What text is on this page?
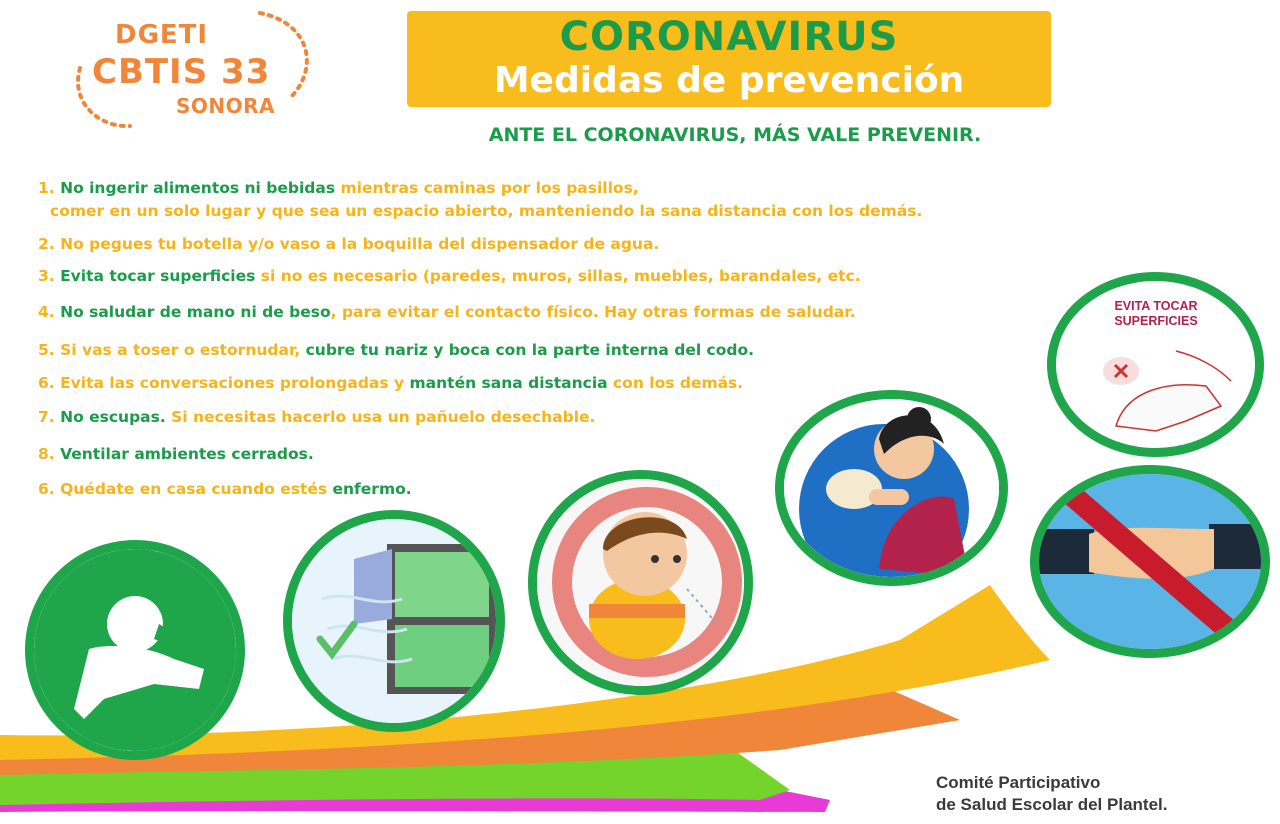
DGETI
CBTIS 33
SONORA
CORONAVIRUS
Medidas de prevención
ANTE EL CORONAVIRUS, MÁS VALE PREVENIR.
1. No ingerir alimentos ni bebidas mientras caminas por los pasillos,
comer en un solo lugar y que sea un espacio abierto, manteniendo la sana distancia con los demás.
2. No pegues tu botella y/o vaso a la boquilla del dispensador de agua.
3. Evita tocar superficies si no es necesario (paredes, muros, sillas, muebles, barandales, etc.
4. No saludar de mano ni de beso, para evitar el contacto físico. Hay otras formas de saludar.
5. Si vas a toser o estornudar, cubre tu nariz y boca con la parte interna del codo.
6. Evita las conversaciones prolongadas y mantén sana distancia con los demás.
7. No escupas. Si necesitas hacerlo usa un pañuelo desechable.
8. Ventilar ambientes cerrados.
6. Quédate en casa cuando estés enfermo.
EVITA TOCAR
SUPERFICIES
Comité Participativo
de Salud Escolar del Plantel.
